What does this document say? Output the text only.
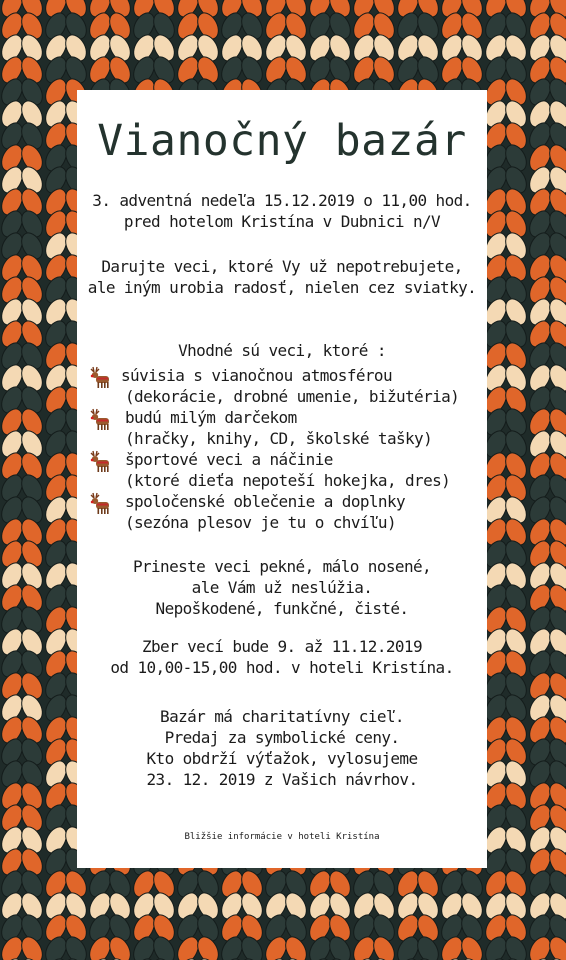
Vianočný bazár
3. adventná nedeľa 15.12.2019 o 11,00 hod.
pred hotelom Kristína v Dubnici n/V
Darujte veci, ktoré Vy už nepotrebujete,
ale iným urobia radosť, nielen cez sviatky.
Vhodné sú veci, ktoré :
súvisia s vianočnou atmosférou
(dekorácie, drobné umenie, bižutéria)
budú milým darčekom
(hračky, knihy, CD, školské tašky)
športové veci a náčinie
(ktoré dieťa nepoteší hokejka, dres)
spoločenské oblečenie a doplnky
(sezóna plesov je tu o chvíľu)
Prineste veci pekné, málo nosené,
ale Vám už neslúžia.
Nepoškodené, funkčné, čisté.
Zber vecí bude 9. až 11.12.2019
od 10,00-15,00 hod. v hoteli Kristína.
Bazár má charitatívny cieľ.
Predaj za symbolické ceny.
Kto obdrží výťažok, vylosujeme
23. 12. 2019 z Vašich návrhov.
Bližšie informácie v hoteli Kristína
